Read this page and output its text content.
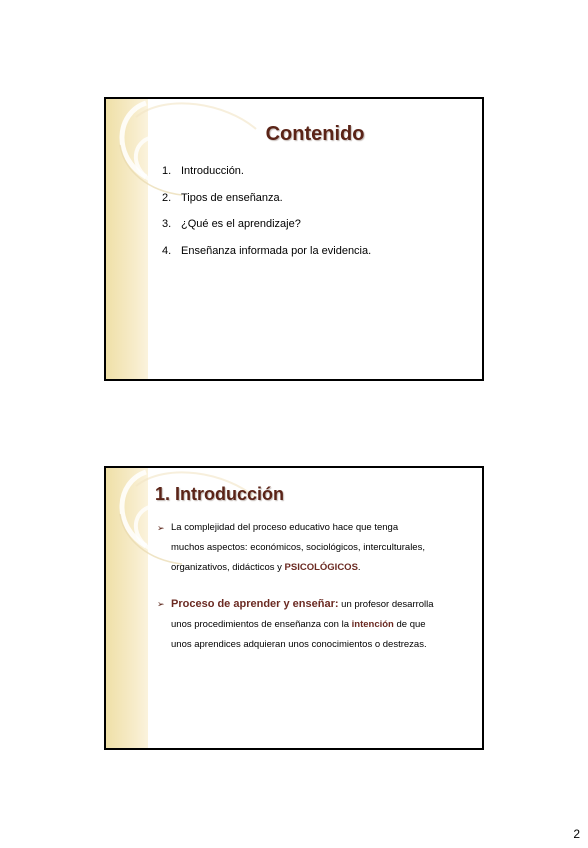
Contenido
1. Introducción.
2. Tipos de enseñanza.
3. ¿Qué es el aprendizaje?
4. Enseñanza informada por la evidencia.
1. Introducción
➢ La complejidad del proceso educativo hace que tenga
muchos aspectos: económicos, sociológicos, interculturales,
organizativos, didácticos y PSICOLÓGICOS.
➢ Proceso de aprender y enseñar: un profesor desarrolla
unos procedimientos de enseñanza con la intención de que
unos aprendices adquieran unos conocimientos o destrezas.
2
